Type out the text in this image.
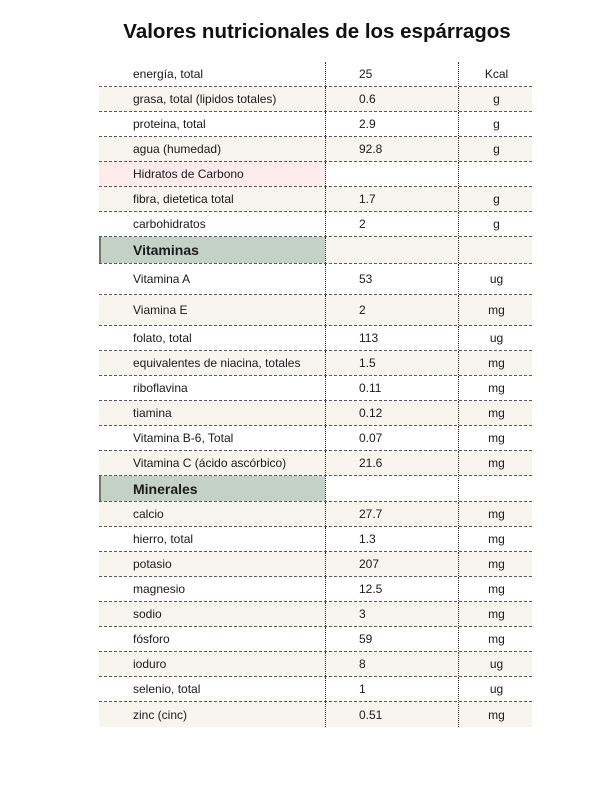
Valores nutricionales de los espárragos
energía, total	25	Kcal
grasa, total (lipidos totales)	0.6	g
proteina, total	2.9	g
agua (humedad)	92.8	g
Hidratos de Carbono
fibra, dietetica total	1.7	g
carbohidratos	2	g
Vitaminas
Vitamina A	53	ug
Viamina E	2	mg
folato, total	113	ug
equivalentes de niacina, totales	1.5	mg
riboflavina	0.11	mg
tiamina	0.12	mg
Vitamina B-6, Total	0.07	mg
Vitamina C (ácido ascórbico)	21.6	mg
Minerales
calcio	27.7	mg
hierro, total	1.3	mg
potasio	207	mg
magnesio	12.5	mg
sodio	3	mg
fósforo	59	mg
ioduro	8	ug
selenio, total	1	ug
zinc (cinc)	0.51	mg
